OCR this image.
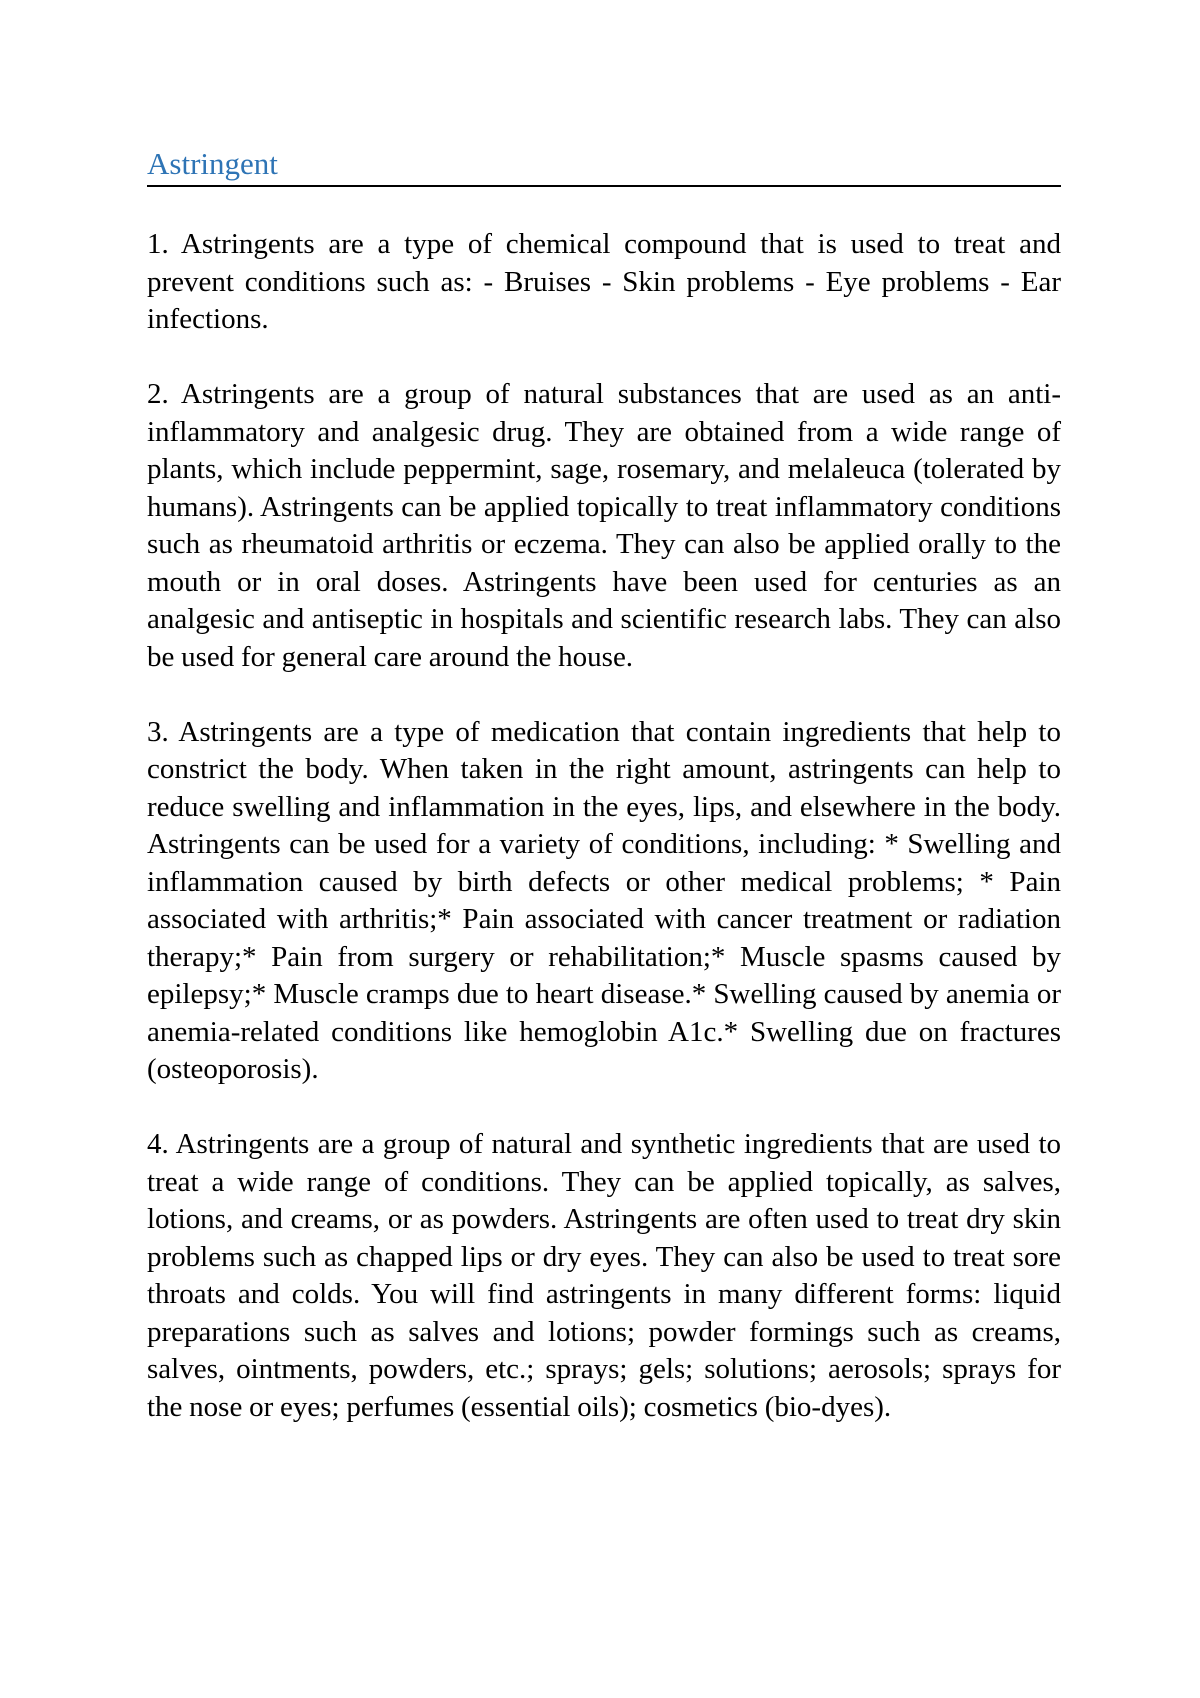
Astringent

1. Astringents are a type of chemical compound that is used to treat and prevent conditions such as: - Bruises - Skin problems - Eye problems - Ear infections.

2. Astringents are a group of natural substances that are used as an anti-inflammatory and analgesic drug. They are obtained from a wide range of plants, which include peppermint, sage, rosemary, and melaleuca (tolerated by humans). Astringents can be applied topically to treat inflammatory conditions such as rheumatoid arthritis or eczema. They can also be applied orally to the mouth or in oral doses. Astringents have been used for centuries as an analgesic and antiseptic in hospitals and scientific research labs. They can also be used for general care around the house.

3. Astringents are a type of medication that contain ingredients that help to constrict the body. When taken in the right amount, astringents can help to reduce swelling and inflammation in the eyes, lips, and elsewhere in the body. Astringents can be used for a variety of conditions, including: * Swelling and inflammation caused by birth defects or other medical problems; * Pain associated with arthritis;* Pain associated with cancer treatment or radiation therapy;* Pain from surgery or rehabilitation;* Muscle spasms caused by epilepsy;* Muscle cramps due to heart disease.* Swelling caused by anemia or anemia-related conditions like hemoglobin A1c.* Swelling due on fractures (osteoporosis).

4. Astringents are a group of natural and synthetic ingredients that are used to treat a wide range of conditions. They can be applied topically, as salves, lotions, and creams, or as powders. Astringents are often used to treat dry skin problems such as chapped lips or dry eyes. They can also be used to treat sore throats and colds. You will find astringents in many different forms: liquid preparations such as salves and lotions; powder formings such as creams, salves, ointments, powders, etc.; sprays; gels; solutions; aerosols; sprays for the nose or eyes; perfumes (essential oils); cosmetics (bio-dyes).
